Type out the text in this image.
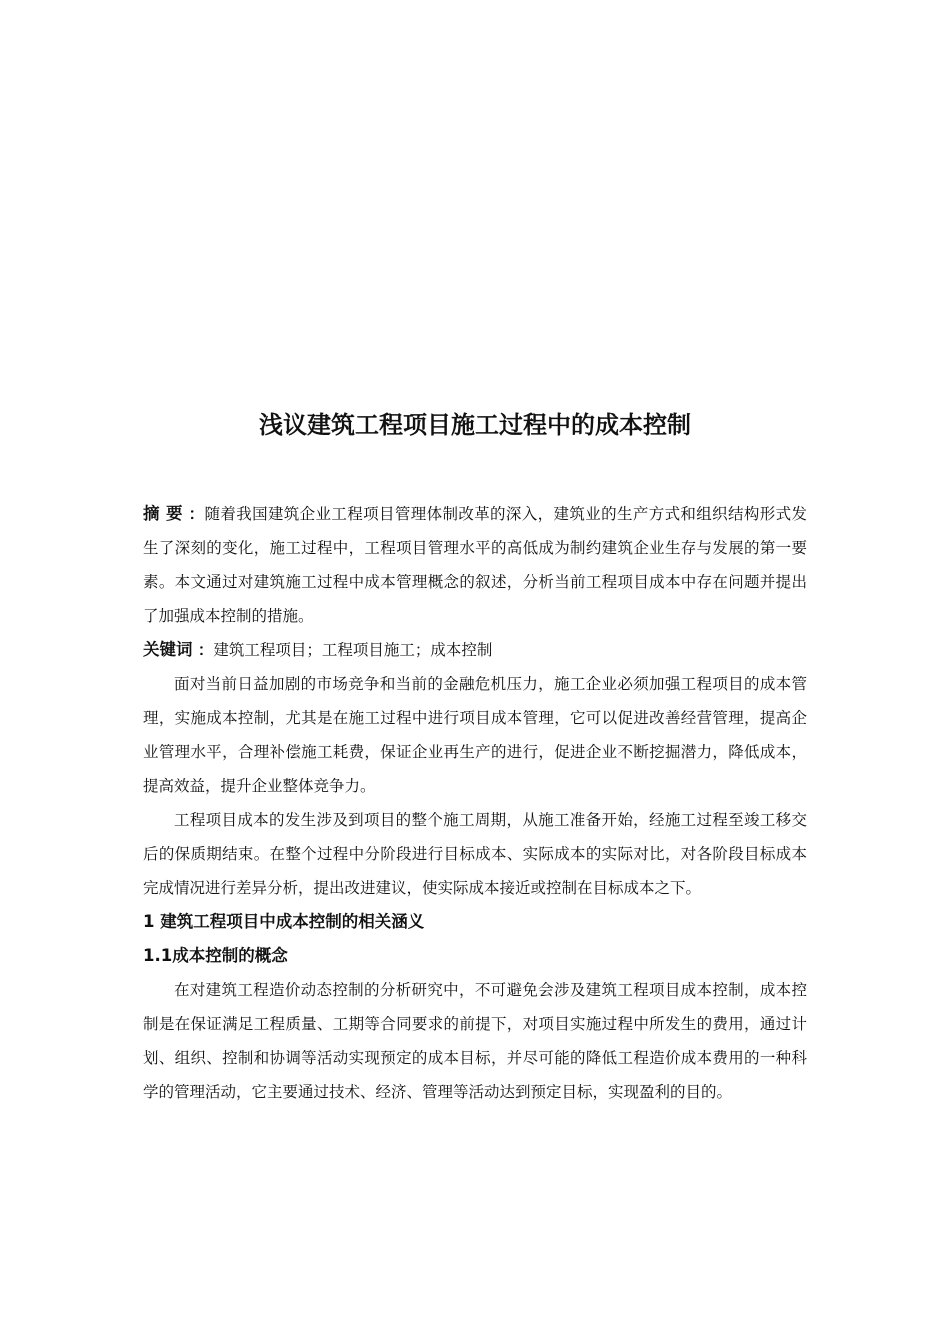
浅议建筑工程项目施工过程中的成本控制

摘 要 ：随着我国建筑企业工程项目管理体制改革的深入，建筑业的生产方式和组织结构形式发生了深刻的变化，施工过程中，工程项目管理水平的高低成为制约建筑企业生存与发展的第一要素。本文通过对建筑施工过程中成本管理概念的叙述，分析当前工程项目成本中存在问题并提出了加强成本控制的措施。

关键词 ：建筑工程项目；工程项目施工；成本控制

面对当前日益加剧的市场竞争和当前的金融危机压力，施工企业必须加强工程项目的成本管理，实施成本控制，尤其是在施工过程中进行项目成本管理，它可以促进改善经营管理，提高企业管理水平，合理补偿施工耗费，保证企业再生产的进行，促进企业不断挖掘潜力，降低成本，提高效益，提升企业整体竞争力。

工程项目成本的发生涉及到项目的整个施工周期，从施工准备开始，经施工过程至竣工移交后的保质期结束。在整个过程中分阶段进行目标成本、实际成本的实际对比，对各阶段目标成本完成情况进行差异分析，提出改进建议，使实际成本接近或控制在目标成本之下。

1 建筑工程项目中成本控制的相关涵义
1.1成本控制的概念

在对建筑工程造价动态控制的分析研究中，不可避免会涉及建筑工程项目成本控制，成本控制是在保证满足工程质量、工期等合同要求的前提下，对项目实施过程中所发生的费用，通过计划、组织、控制和协调等活动实现预定的成本目标，并尽可能的降低工程造价成本费用的一种科学的管理活动，它主要通过技术、经济、管理等活动达到预定目标，实现盈利的目的。
